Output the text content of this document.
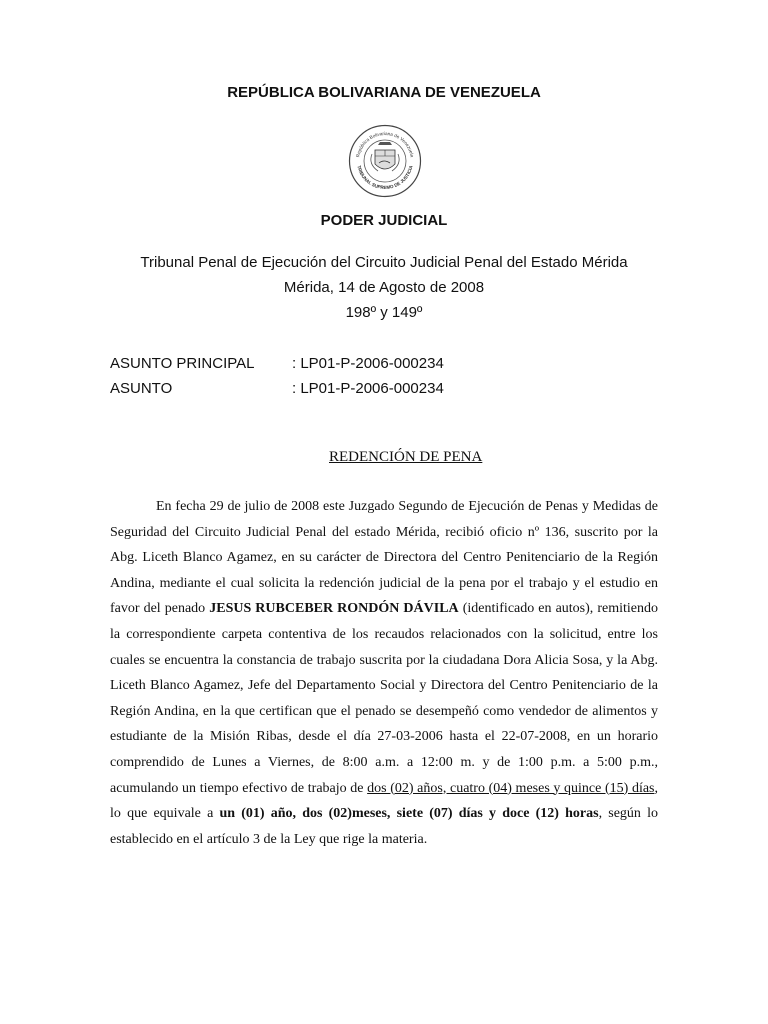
REPÚBLICA BOLIVARIANA DE VENEZUELA
República Bolivariana de Venezuela
TRIBUNAL SUPREMO DE JUSTICIA
PODER JUDICIAL
Tribunal Penal de Ejecución del Circuito Judicial Penal del Estado Mérida
Mérida, 14 de Agosto de 2008
198º y 149º
ASUNTO PRINCIPAL	: LP01-P-2006-000234
ASUNTO	: LP01-P-2006-000234
REDENCIÓN DE PENA

En fecha 29 de julio de 2008 este Juzgado Segundo de Ejecución de Penas y Medidas de Seguridad del Circuito Judicial Penal del estado Mérida, recibió oficio nº 136, suscrito por la Abg. Liceth Blanco Agamez, en su carácter de Directora del Centro Penitenciario de la Región Andina, mediante el cual solicita la redención judicial de la pena por el trabajo y el estudio en favor del penado JESUS RUBCEBER RONDÓN DÁVILA (identificado en autos), remitiendo la correspondiente carpeta contentiva de los recaudos relacionados con la solicitud, entre los cuales se encuentra la constancia de trabajo suscrita por la ciudadana Dora Alicia Sosa, y la Abg. Liceth Blanco Agamez, Jefe del Departamento Social y Directora del Centro Penitenciario de la Región Andina, en la que certifican que el penado se desempeñó como vendedor de alimentos y estudiante de la Misión Ribas, desde el día 27-03-2006 hasta el 22-07-2008, en un horario comprendido de Lunes a Viernes, de 8:00 a.m. a 12:00 m. y de 1:00 p.m. a 5:00 p.m., acumulando un tiempo efectivo de trabajo de dos (02) años, cuatro (04) meses y quince (15) días, lo que equivale a un (01) año, dos (02)meses, siete (07) días y doce (12) horas, según lo establecido en el artículo 3 de la Ley que rige la materia.
